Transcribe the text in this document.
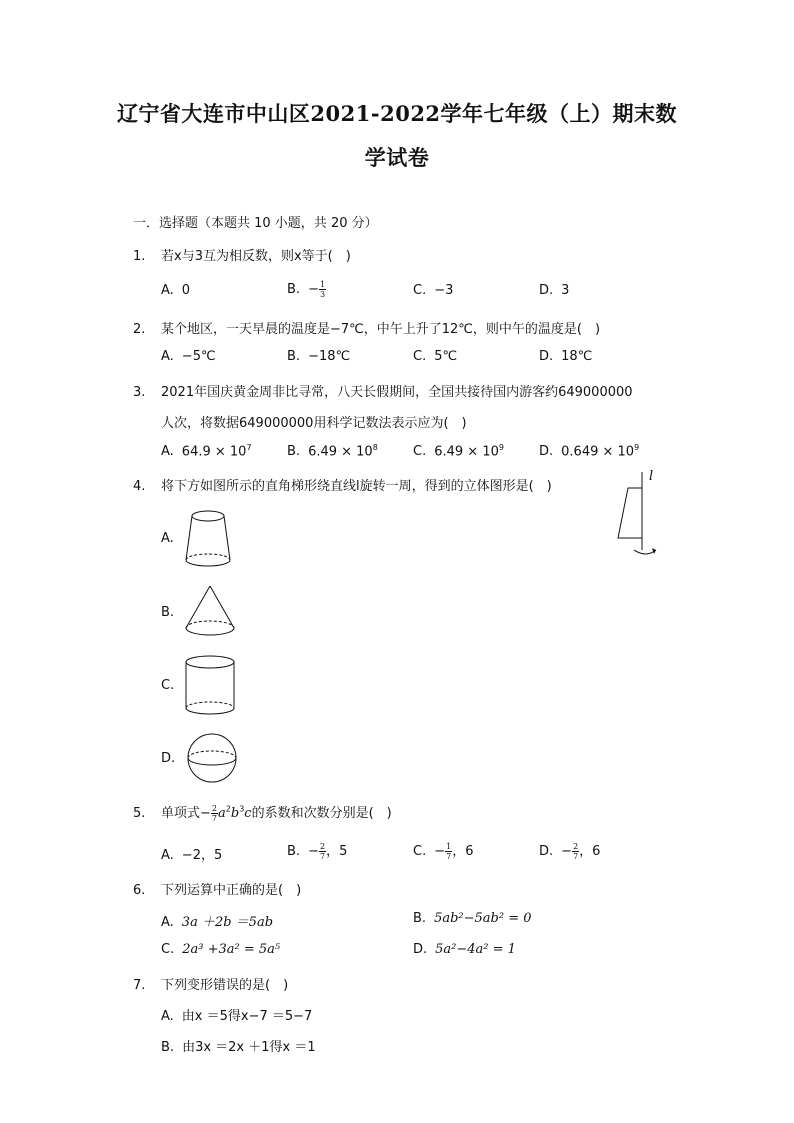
辽宁省大连市中山区2021-2022学年七年级（上）期末数
学试卷
一．选择题（本题共 10 小题，共 20 分）
1. 若x与3互为相反数，则x等于(　)
A. 0	B. − $\frac{1}{3}$	C. −3	D. 3
2. 某个地区，一天早晨的温度是−7℃，中午上升了12℃，则中午的温度是(　)
A. −5℃	B. −18℃	C. 5℃	D. 18℃
3. 2021年国庆黄金周非比寻常，八天长假期间，全国共接待国内游客约649000000
人次，将数据649000000用科学记数法表示应为(　)
A. $64.9 \times 10^7$	B. $6.49 \times 10^8$	C. $6.49 \times 10^9$	D. $0.649 \times 10^9$
4. 将下方如图所示的直角梯形绕直线l旋转一周，得到的立体图形是(　)
l
A.
B.
C.
D.
5. 单项式− $\frac{2}{7} a^2b^3c$的系数和次数分别是(　)
A. −2，5	B. − $\frac{2}{7}$ ，5	C. − $\frac{1}{7}$ ，6	D. − $\frac{2}{7}$ ，6
6. 下列运算中正确的是(　)
A. 3a ＋2b ＝5ab	B. 5ab²−5ab² = 0
C. 2a³ +3a² = 5a⁵	D. 5a²−4a² = 1
7. 下列变形错误的是(　)
A. 由x ＝5得x−7 ＝5−7
B. 由3x ＝2x ＋1得x ＝1
